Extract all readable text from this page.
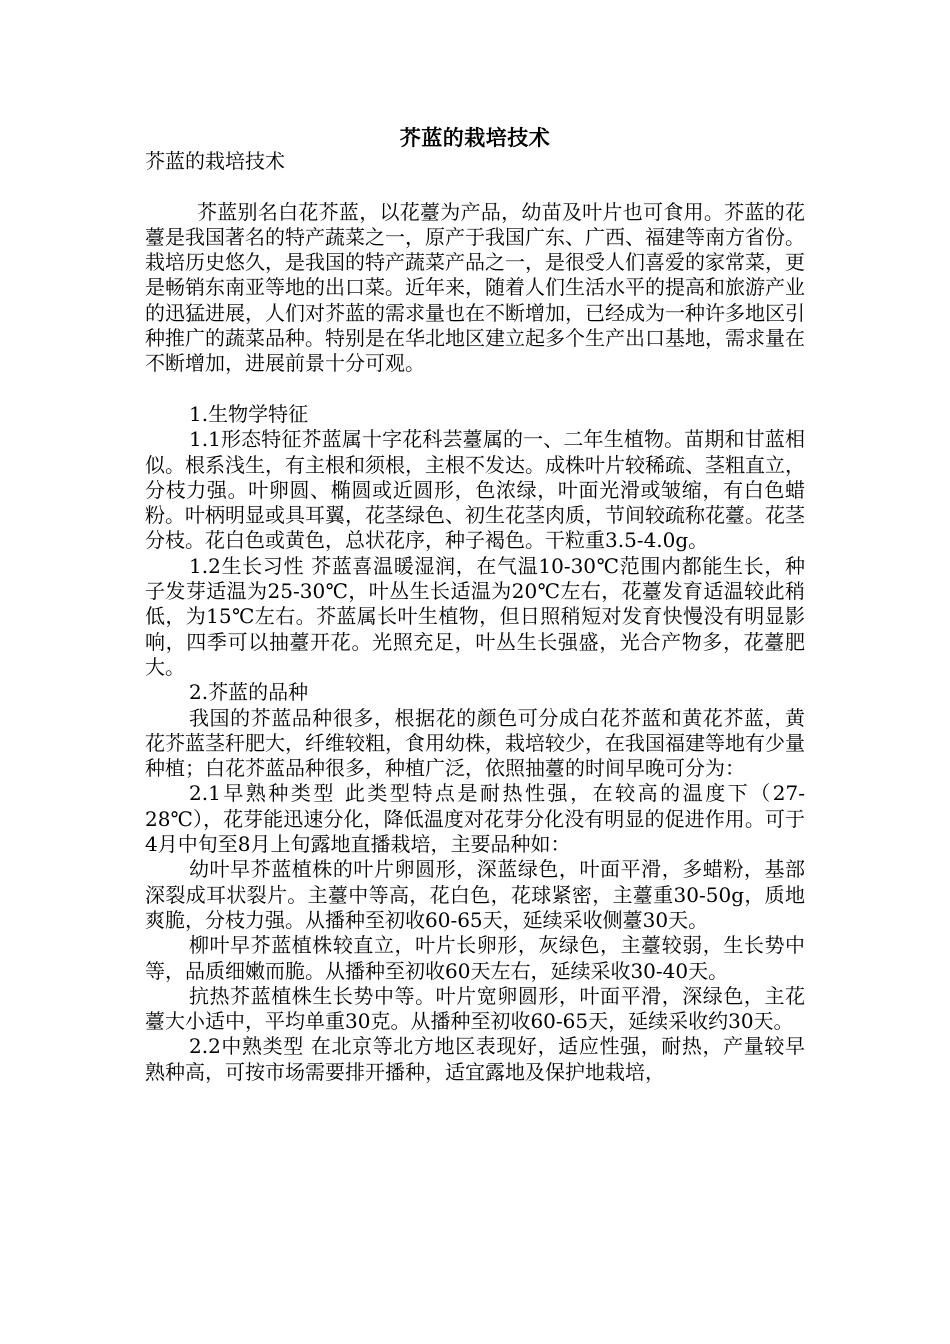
芥蓝的栽培技术

芥蓝的栽培技术

芥蓝别名白花芥蓝，以花薹为产品，幼苗及叶片也可食用。芥蓝的花薹是我国著名的特产蔬菜之一，原产于我国广东、广西、福建等南方省份。栽培历史悠久，是我国的特产蔬菜产品之一，是很受人们喜爱的家常菜，更是畅销东南亚等地的出口菜。近年来，随着人们生活水平的提高和旅游产业的迅猛进展，人们对芥蓝的需求量也在不断增加，已经成为一种许多地区引种推广的蔬菜品种。特别是在华北地区建立起多个生产出口基地，需求量在不断增加，进展前景十分可观。

1.生物学特征

1.1形态特征芥蓝属十字花科芸薹属的一、二年生植物。苗期和甘蓝相似。根系浅生，有主根和须根，主根不发达。成株叶片较稀疏、茎粗直立，分枝力强。叶卵圆、椭圆或近圆形，色浓绿，叶面光滑或皱缩，有白色蜡粉。叶柄明显或具耳翼，花茎绿色、初生花茎肉质，节间较疏称花薹。花茎分枝。花白色或黄色，总状花序，种子褐色。干粒重3.5-4.0g。

1.2生长习性 芥蓝喜温暖湿润，在气温10-30℃范围内都能生长，种子发芽适温为25-30℃，叶丛生长适温为20℃左右，花薹发育适温较此稍低，为15℃左右。芥蓝属长叶生植物，但日照稍短对发育快慢没有明显影响，四季可以抽薹开花。光照充足，叶丛生长强盛，光合产物多，花薹肥大。

2.芥蓝的品种

我国的芥蓝品种很多，根据花的颜色可分成白花芥蓝和黄花芥蓝，黄花芥蓝茎秆肥大，纤维较粗，食用幼株，栽培较少，在我国福建等地有少量种植；白花芥蓝品种很多，种植广泛，依照抽薹的时间早晚可分为：

2.1早熟种类型 此类型特点是耐热性强，在较高的温度下（27-28℃），花芽能迅速分化，降低温度对花芽分化没有明显的促进作用。可于4月中旬至8月上旬露地直播栽培，主要品种如：

幼叶早芥蓝植株的叶片卵圆形，深蓝绿色，叶面平滑，多蜡粉，基部深裂成耳状裂片。主薹中等高，花白色，花球紧密，主薹重30-50g，质地爽脆，分枝力强。从播种至初收60-65天，延续采收侧薹30天。

柳叶早芥蓝植株较直立，叶片长卵形，灰绿色，主薹较弱，生长势中等，品质细嫩而脆。从播种至初收60天左右，延续采收30-40天。

抗热芥蓝植株生长势中等。叶片宽卵圆形，叶面平滑，深绿色，主花薹大小适中，平均单重30克。从播种至初收60-65天，延续采收约30天。

2.2中熟类型 在北京等北方地区表现好，适应性强，耐热，产量较早熟种高，可按市场需要排开播种，适宜露地及保护地栽培，
